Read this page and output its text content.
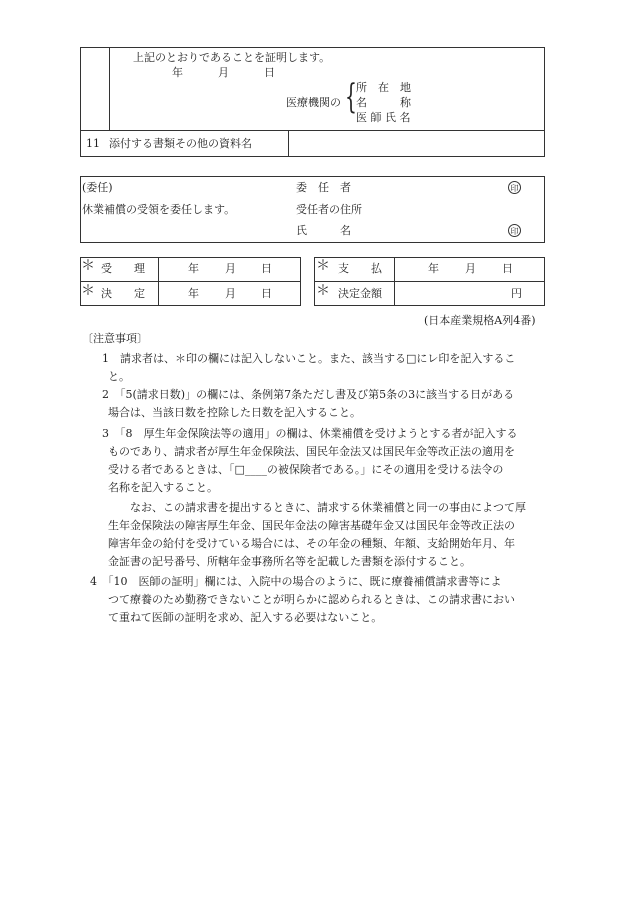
上記のとおりであることを証明します。
年	月	日
医療機関の { 所　在　地
名　　　称
医 師 氏 名
11 添付する書類その他の資料名
(委任)
休業補償の受領を委任します。
委　任　者
受任者の住所
氏　　　名
印
印
＊ 受　　理	年 月 日
＊ 決　　定	年 月 日
＊ 支　　払	年 月 日
＊ 決定金額	円
(日本産業規格A列4番)
〔注意事項〕
1　請求者は、＊印の欄には記入しないこと。また、該当する□にレ印を記入するこ
と。
2　「5(請求日数)」の欄には、条例第7条ただし書及び第5条の3に該当する日がある
場合は、当該日数を控除した日数を記入すること。
3　「8　厚生年金保険法等の適用」の欄は、休業補償を受けようとする者が記入する
ものであり、請求者が厚生年金保険法、国民年金法又は国民年金等改正法の適用を
受ける者であるときは、「□____の被保険者である。」にその適用を受ける法令の
名称を記入すること。
なお、この請求書を提出するときに、請求する休業補償と同一の事由によつて厚
生年金保険法の障害厚生年金、国民年金法の障害基礎年金又は国民年金等改正法の
障害年金の給付を受けている場合には、その年金の種類、年額、支給開始年月、年
金証書の記号番号、所轄年金事務所名等を記載した書類を添付すること。
4　「10　医師の証明」欄には、入院中の場合のように、既に療養補償請求書等によ
つて療養のため勤務できないことが明らかに認められるときは、この請求書におい
て重ねて医師の証明を求め、記入する必要はないこと。
